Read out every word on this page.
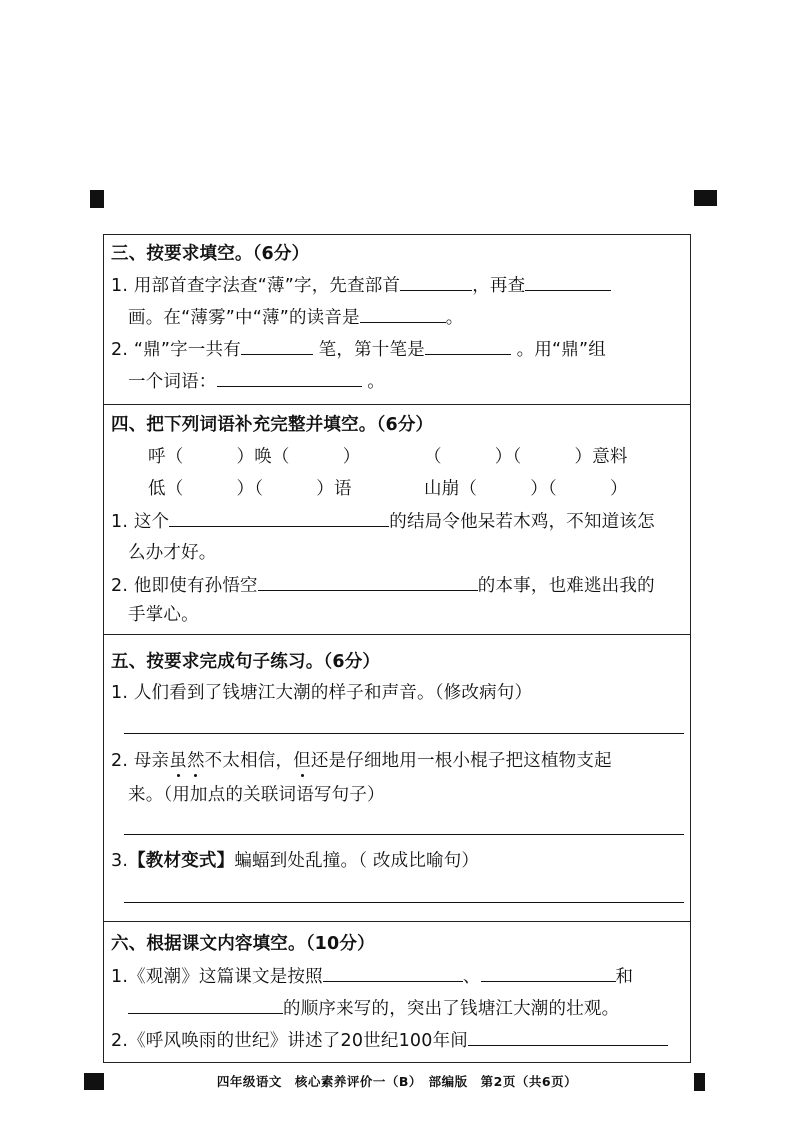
三、按要求填空。（6分）
1. 用部首查字法查“薄”字，先查部首	，再查
画。在“薄雾”中“薄”的读音是	。
2. “鼎”字一共有	笔，第十笔是	。用“鼎”组
一个词语：	。
四、把下列词语补充完整并填空。（6分）
呼（　　　）唤（　　　）	（　　　）（　　　）意料
低（　　　）（　　　）语	山崩（　　　）（　　　）
1. 这个	的结局令他呆若木鸡，不知道该怎
么办才好。
2. 他即使有孙悟空	的本事，也难逃出我的
手掌心。
五、按要求完成句子练习。（6分）
1. 人们看到了钱塘江大潮的样子和声音。（修改病句）
2. 母亲虽然不太相信，但还是仔细地用一根小棍子把这植物支起
来。（用加点的关联词语写句子）
3.【教材变式】蝙蝠到处乱撞。（ 改成比喻句）
六、根据课文内容填空。（10分）
1.《观潮》这篇课文是按照	、	和
的顺序来写的，突出了钱塘江大潮的壮观。
2.《呼风唤雨的世纪》讲述了20世纪100年间
四年级语文　核心素养评价一（B）　部编版　第2页（共6页）
